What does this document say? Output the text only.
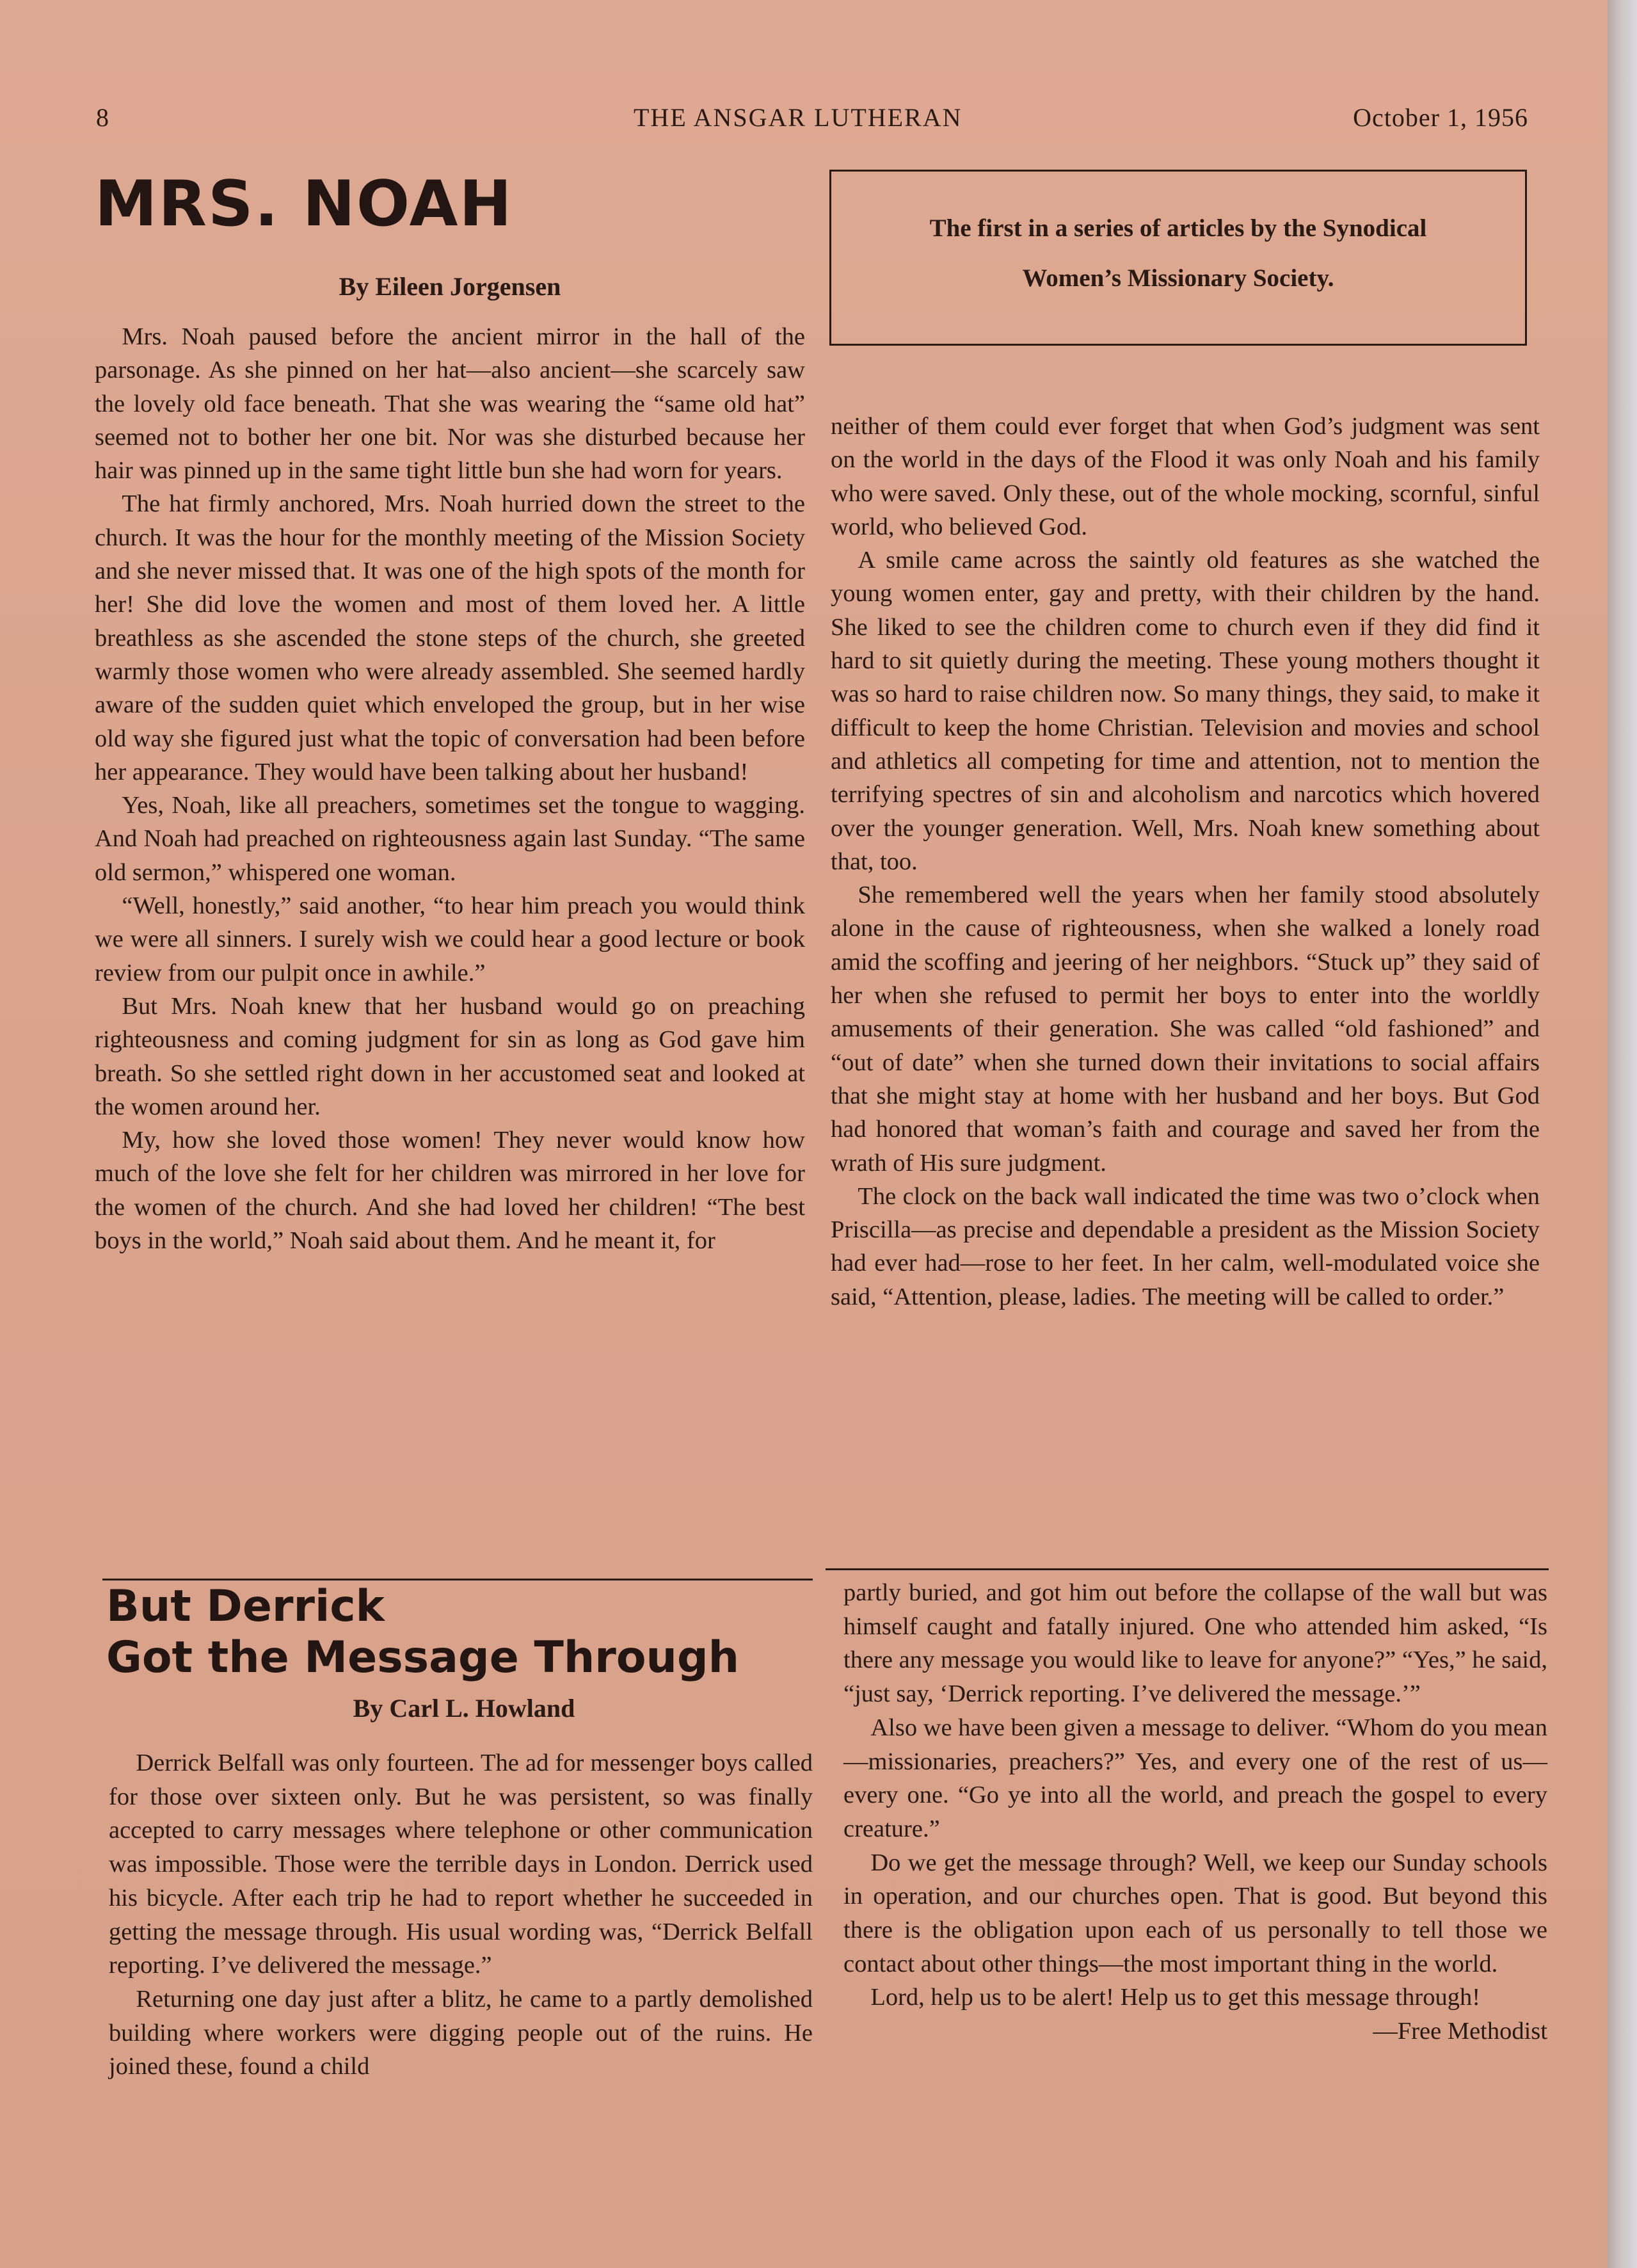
8	THE ANSGAR LUTHERAN	October 1, 1956
MRS. NOAH
By Eileen Jorgensen
The first in a series of articles by the Synodical
Women’s Missionary Society.

Mrs. Noah paused before the ancient mirror in the hall of the parsonage. As she pinned on her hat—also ancient—she scarcely saw the lovely old face beneath. That she was wearing the “same old hat” seemed not to bother her one bit. Nor was she disturbed because her hair was pinned up in the same tight little bun she had worn for years.

The hat firmly anchored, Mrs. Noah hurried down the street to the church. It was the hour for the monthly meeting of the Mission Society and she never missed that. It was one of the high spots of the month for her! She did love the women and most of them loved her. A little breathless as she ascended the stone steps of the church, she greeted warmly those women who were already assembled. She seemed hardly aware of the sudden quiet which enveloped the group, but in her wise old way she figured just what the topic of conversation had been before her appearance. They would have been talking about her husband!

Yes, Noah, like all preachers, sometimes set the tongue to wagging. And Noah had preached on righteousness again last Sunday. “The same old sermon,” whispered one woman.

“Well, honestly,” said another, “to hear him preach you would think we were all sinners. I surely wish we could hear a good lecture or book review from our pulpit once in awhile.”

But Mrs. Noah knew that her husband would go on preaching righteousness and coming judgment for sin as long as God gave him breath. So she settled right down in her accustomed seat and looked at the women around her.

My, how she loved those women! They never would know how much of the love she felt for her children was mirrored in her love for the women of the church. And she had loved her children! “The best boys in the world,” Noah said about them. And he meant it, for

neither of them could ever forget that when God’s judgment was sent on the world in the days of the Flood it was only Noah and his family who were saved. Only these, out of the whole mocking, scornful, sinful world, who believed God.

A smile came across the saintly old features as she watched the young women enter, gay and pretty, with their children by the hand. She liked to see the children come to church even if they did find it hard to sit quietly during the meeting. These young mothers thought it was so hard to raise children now. So many things, they said, to make it difficult to keep the home Christian. Television and movies and school and athletics all competing for time and attention, not to mention the terrifying spectres of sin and alcoholism and narcotics which hovered over the younger generation. Well, Mrs. Noah knew something about that, too.

She remembered well the years when her family stood absolutely alone in the cause of righteousness, when she walked a lonely road amid the scoffing and jeering of her neighbors. “Stuck up” they said of her when she refused to permit her boys to enter into the worldly amusements of their generation. She was called “old fashioned” and “out of date” when she turned down their invitations to social affairs that she might stay at home with her husband and her boys. But God had honored that woman’s faith and courage and saved her from the wrath of His sure judgment.

The clock on the back wall indicated the time was two o’clock when Priscilla—as precise and dependable a president as the Mission Society had ever had—rose to her feet. In her calm, well-modulated voice she said, “Attention, please, ladies. The meeting will be called to order.”

But Derrick
Got the Message Through
By Carl L. Howland

Derrick Belfall was only fourteen. The ad for messenger boys called for those over sixteen only. But he was persistent, so was finally accepted to carry messages where telephone or other communication was impossible. Those were the terrible days in London. Derrick used his bicycle. After each trip he had to report whether he succeeded in getting the message through. His usual wording was, “Derrick Belfall reporting. I’ve delivered the message.”

Returning one day just after a blitz, he came to a partly demolished building where workers were digging people out of the ruins. He joined these, found a child

partly buried, and got him out before the collapse of the wall but was himself caught and fatally injured. One who attended him asked, “Is there any message you would like to leave for anyone?” “Yes,” he said, “just say, ‘Derrick reporting. I’ve delivered the message.’”

Also we have been given a message to deliver. “Whom do you mean—missionaries, preachers?” Yes, and every one of the rest of us—every one. “Go ye into all the world, and preach the gospel to every creature.”

Do we get the message through? Well, we keep our Sunday schools in operation, and our churches open. That is good. But beyond this there is the obligation upon each of us personally to tell those we contact about other things—the most important thing in the world.

Lord, help us to be alert! Help us to get this message through!

—Free Methodist
